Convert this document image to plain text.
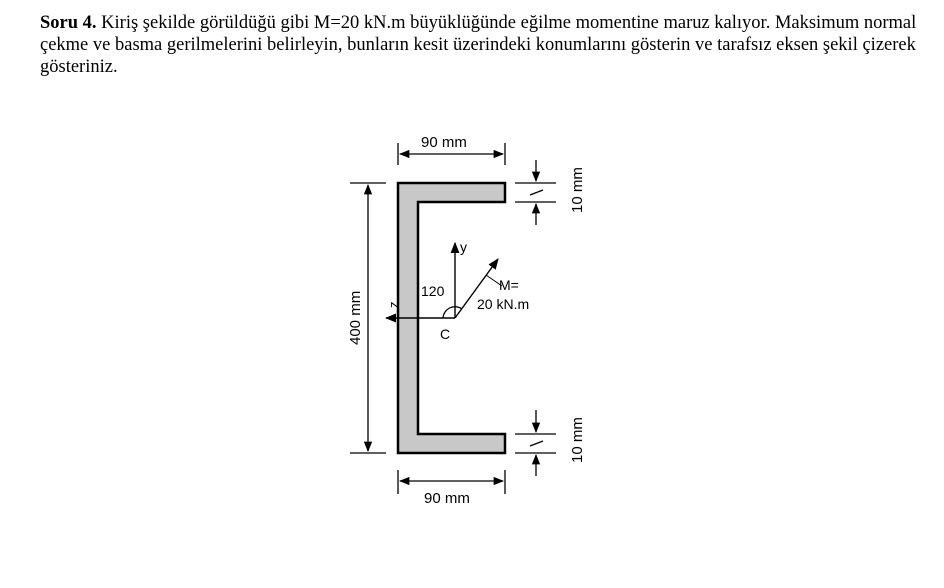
Soru 4. Kiriş şekilde görüldüğü gibi M=20 kN.m büyüklüğünde eğilme momentine maruz kalıyor. Maksimum normal çekme ve basma gerilmelerini belirleyin, bunların kesit üzerindeki konumlarını gösterin ve tarafsız eksen şekil çizerek gösteriniz.
90 mm
90 mm
400 mm
10 mm
10 mm
y
z
120
C
M=
20 kN.m
